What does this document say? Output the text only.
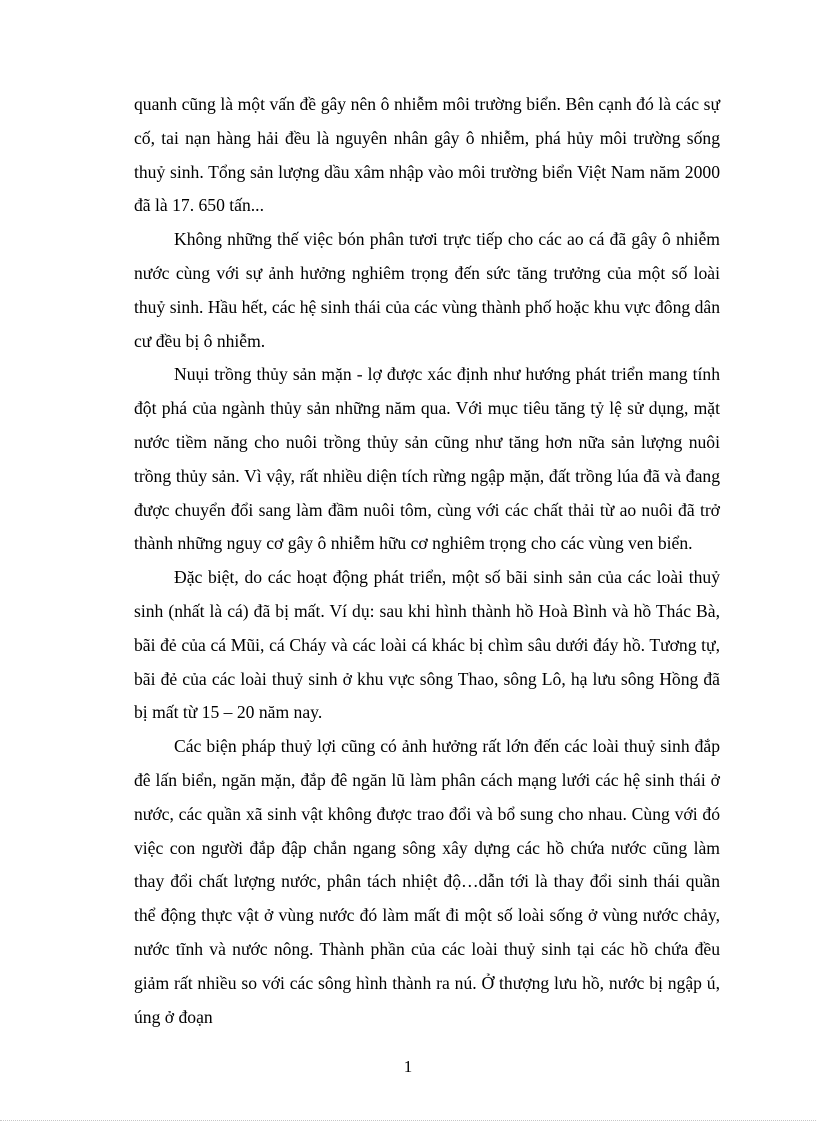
quanh cũng là một vấn đề gây nên ô nhiễm môi trường biển. Bên cạnh đó là các sự cố, tai nạn hàng hải đều là nguyên nhân gây ô nhiễm, phá hủy môi trường sống thuỷ sinh. Tổng sản lượng dầu xâm nhập vào môi trường biển Việt Nam năm 2000 đã là 17. 650 tấn...

Không những thế việc bón phân tươi trực tiếp cho các ao cá đã gây ô nhiễm nước cùng với sự ảnh hưởng nghiêm trọng đến sức tăng trưởng của một số loài thuỷ sinh. Hầu hết, các hệ sinh thái của các vùng thành phố hoặc khu vực đông dân cư đều bị ô nhiễm.

Nuụi trồng thủy sản mặn - lợ được xác định như hướng phát triển mang tính đột phá của ngành thủy sản những năm qua. Với mục tiêu tăng tỷ lệ sử dụng, mặt nước tiềm năng cho nuôi trồng thủy sản cũng như tăng hơn nữa sản lượng nuôi trồng thủy sản. Vì vậy, rất nhiều diện tích rừng ngập mặn, đất trồng lúa đã và đang được chuyển đổi sang làm đầm nuôi tôm, cùng với các chất thải từ ao nuôi đã trở thành những nguy cơ gây ô nhiễm hữu cơ nghiêm trọng cho các vùng ven biển.

Đặc biệt, do các hoạt động phát triển, một số bãi sinh sản của các loài thuỷ sinh (nhất là cá) đã bị mất. Ví dụ: sau khi hình thành hồ Hoà Bình và hồ Thác Bà, bãi đẻ của cá Mũi, cá Cháy và các loài cá khác bị chìm sâu dưới đáy hồ. Tương tự, bãi đẻ của các loài thuỷ sinh ở khu vực sông Thao, sông Lô, hạ lưu sông Hồng đã bị mất từ 15 – 20 năm nay.

Các biện pháp thuỷ lợi cũng có ảnh hưởng rất lớn đến các loài thuỷ sinh đắp đê lấn biển, ngăn mặn, đắp đê ngăn lũ làm phân cách mạng lưới các hệ sinh thái ở nước, các quần xã sinh vật không được trao đổi và bổ sung cho nhau. Cùng với đó việc con người đắp đập chắn ngang sông xây dựng các hồ chứa nước cũng làm thay đổi chất lượng nước, phân tách nhiệt độ…dẫn tới là thay đổi sinh thái quần thể động thực vật ở vùng nước đó làm mất đi một số loài sống ở vùng nước chảy, nước tĩnh và nước nông. Thành phần của các loài thuỷ sinh tại các hồ chứa đều giảm rất nhiều so với các sông hình thành ra nú. Ở thượng lưu hồ, nước bị ngập ú, úng ở đoạn

1
